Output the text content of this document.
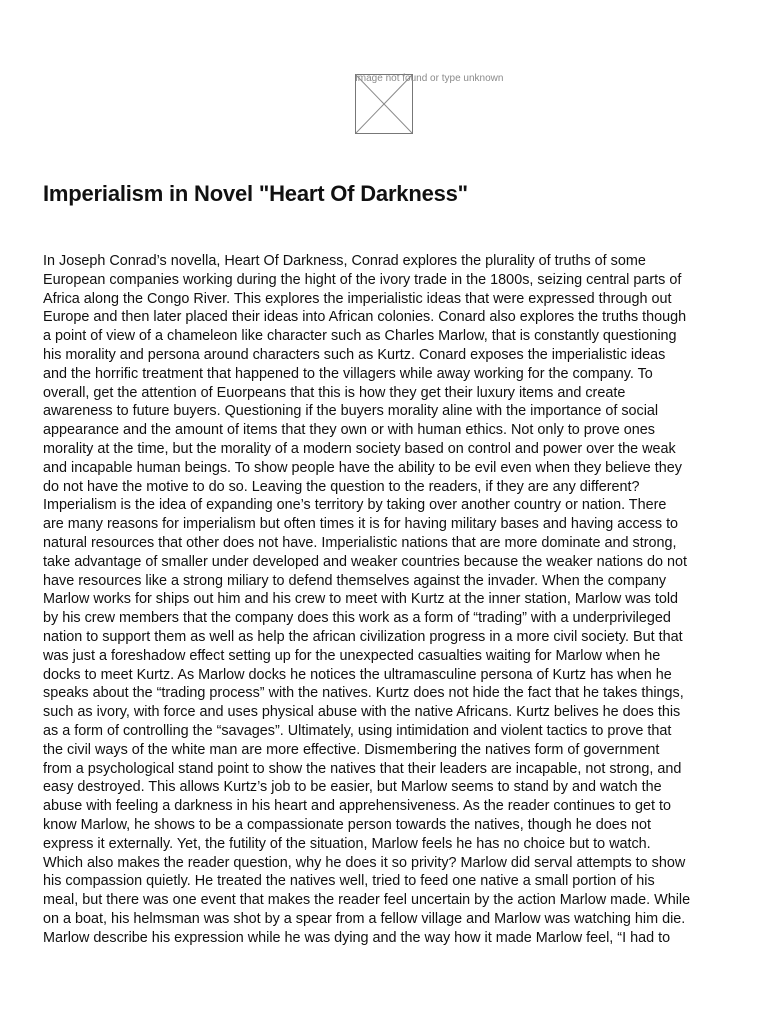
Image not found or type unknown
Imperialism in Novel "Heart Of Darkness"
In Joseph Conrad’s novella, Heart Of Darkness, Conrad explores the plurality of truths of some
European companies working during the hight of the ivory trade in the 1800s, seizing central parts of
Africa along the Congo River. This explores the imperialistic ideas that were expressed through out
Europe and then later placed their ideas into African colonies. Conard also explores the truths though
a point of view of a chameleon like character such as Charles Marlow, that is constantly questioning
his morality and persona around characters such as Kurtz. Conard exposes the imperialistic ideas
and the horrific treatment that happened to the villagers while away working for the company. To
overall, get the attention of Euorpeans that this is how they get their luxury items and create
awareness to future buyers. Questioning if the buyers morality aline with the importance of social
appearance and the amount of items that they own or with human ethics. Not only to prove ones
morality at the time, but the morality of a modern society based on control and power over the weak
and incapable human beings. To show people have the ability to be evil even when they believe they
do not have the motive to do so. Leaving the question to the readers, if they are any different?
Imperialism is the idea of expanding one’s territory by taking over another country or nation. There
are many reasons for imperialism but often times it is for having military bases and having access to
natural resources that other does not have. Imperialistic nations that are more dominate and strong,
take advantage of smaller under developed and weaker countries because the weaker nations do not
have resources like a strong miliary to defend themselves against the invader. When the company
Marlow works for ships out him and his crew to meet with Kurtz at the inner station, Marlow was told
by his crew members that the company does this work as a form of “trading” with a underprivileged
nation to support them as well as help the african civilization progress in a more civil society. But that
was just a foreshadow effect setting up for the unexpected casualties waiting for Marlow when he
docks to meet Kurtz. As Marlow docks he notices the ultramasculine persona of Kurtz has when he
speaks about the “trading process” with the natives. Kurtz does not hide the fact that he takes things,
such as ivory, with force and uses physical abuse with the native Africans. Kurtz belives he does this
as a form of controlling the “savages”. Ultimately, using intimidation and violent tactics to prove that
the civil ways of the white man are more effective. Dismembering the natives form of government
from a psychological stand point to show the natives that their leaders are incapable, not strong, and
easy destroyed. This allows Kurtz’s job to be easier, but Marlow seems to stand by and watch the
abuse with feeling a darkness in his heart and apprehensiveness. As the reader continues to get to
know Marlow, he shows to be a compassionate person towards the natives, though he does not
express it externally. Yet, the futility of the situation, Marlow feels he has no choice but to watch.
Which also makes the reader question, why he does it so privity? Marlow did serval attempts to show
his compassion quietly. He treated the natives well, tried to feed one native a small portion of his
meal, but there was one event that makes the reader feel uncertain by the action Marlow made. While
on a boat, his helmsman was shot by a spear from a fellow village and Marlow was watching him die.
Marlow describe his expression while he was dying and the way how it made Marlow feel, “I had to
